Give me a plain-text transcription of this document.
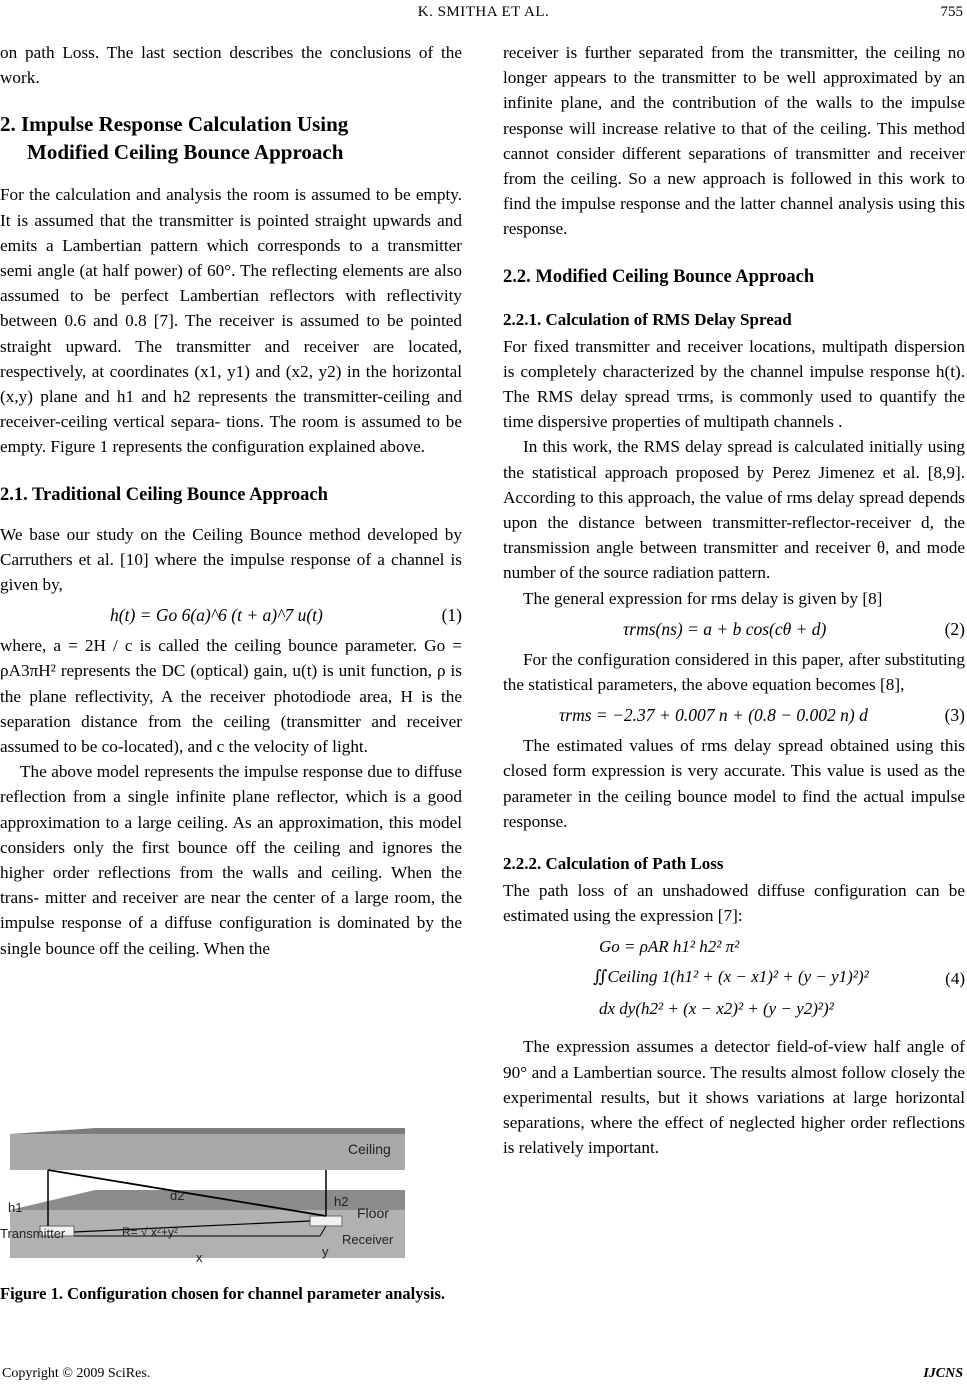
K. SMITHA ET AL.	755

on path Loss. The last section describes the conclusions of the work.

2. Impulse Response Calculation Using
Modified Ceiling Bounce Approach

For the calculation and analysis the room is assumed to be empty. It is assumed that the transmitter is pointed straight upwards and emits a Lambertian pattern which corresponds to a transmitter semi angle (at half power) of 60°. The reflecting elements are also assumed to be perfect Lambertian reflectors with reflectivity between 0.6 and 0.8 [7]. The receiver is assumed to be pointed straight upward. The transmitter and receiver are located, respectively, at coordinates (x1, y1) and (x2, y2) in the horizontal (x,y) plane and h1 and h2 represents the transmitter-ceiling and receiver-ceiling vertical separa- tions. The room is assumed to be empty. Figure 1 represents the configuration explained above.

2.1. Traditional Ceiling Bounce Approach

We base our study on the Ceiling Bounce method developed by Carruthers et al. [10] where the impulse response of a channel is given by,

h(t) = Go 6(a)^6 (t + a)^7 u(t)	(1)

where, a = 2H / c is called the ceiling bounce parameter. Go = ρA3πH² represents the DC (optical) gain, u(t) is unit function, ρ is the plane reflectivity, A the receiver photodiode area, H is the separation distance from the ceiling (transmitter and receiver assumed to be co-located), and c the velocity of light.

The above model represents the impulse response due to diffuse reflection from a single infinite plane reflector, which is a good approximation to a large ceiling. As an approximation, this model considers only the first bounce off the ceiling and ignores the higher order reflections from the walls and ceiling. When the trans- mitter and receiver are near the center of a large room, the impulse response of a diffuse configuration is dominated by the single bounce off the ceiling. When the

Ceiling
Floor
Transmitter	Receiver
h1	h2
d2
R= √ x²+y²
x	y
Figure 1. Configuration chosen for channel parameter analysis.

receiver is further separated from the transmitter, the ceiling no longer appears to the transmitter to be well approximated by an infinite plane, and the contribution of the walls to the impulse response will increase relative to that of the ceiling. This method cannot consider different separations of transmitter and receiver from the ceiling. So a new approach is followed in this work to find the impulse response and the latter channel analysis using this response.

2.2. Modified Ceiling Bounce Approach
2.2.1. Calculation of RMS Delay Spread

For fixed transmitter and receiver locations, multipath dispersion is completely characterized by the channel impulse response h(t). The RMS delay spread τrms, is commonly used to quantify the time dispersive properties of multipath channels .

In this work, the RMS delay spread is calculated initially using the statistical approach proposed by Perez Jimenez et al. [8,9]. According to this approach, the value of rms delay spread depends upon the distance between transmitter-reflector-receiver d, the transmission angle between transmitter and receiver θ, and mode number of the source radiation pattern.

The general expression for rms delay is given by [8]

τrms(ns) = a + b cos(cθ + d)	(2)

For the configuration considered in this paper, after substituting the statistical parameters, the above equation becomes [8],

τrms = −2.37 + 0.007 n + (0.8 − 0.002 n) d	(3)

The estimated values of rms delay spread obtained using this closed form expression is very accurate. This value is used as the parameter in the ceiling bounce model to find the actual impulse response.

2.2.2. Calculation of Path Loss

The path loss of an unshadowed diffuse configuration can be estimated using the expression [7]:

Go = ρAR h1² h2² π²
∬Ceiling 1(h1² + (x − x1)² + (y − y1)²)²
dx dy(h2² + (x − x2)² + (y − y2)²)²
(4)

The expression assumes a detector field-of-view half angle of 90° and a Lambertian source. The results almost follow closely the experimental results, but it shows variations at large horizontal separations, where the effect of neglected higher order reflections is relatively important.

Copyright © 2009 SciRes.	IJCNS
